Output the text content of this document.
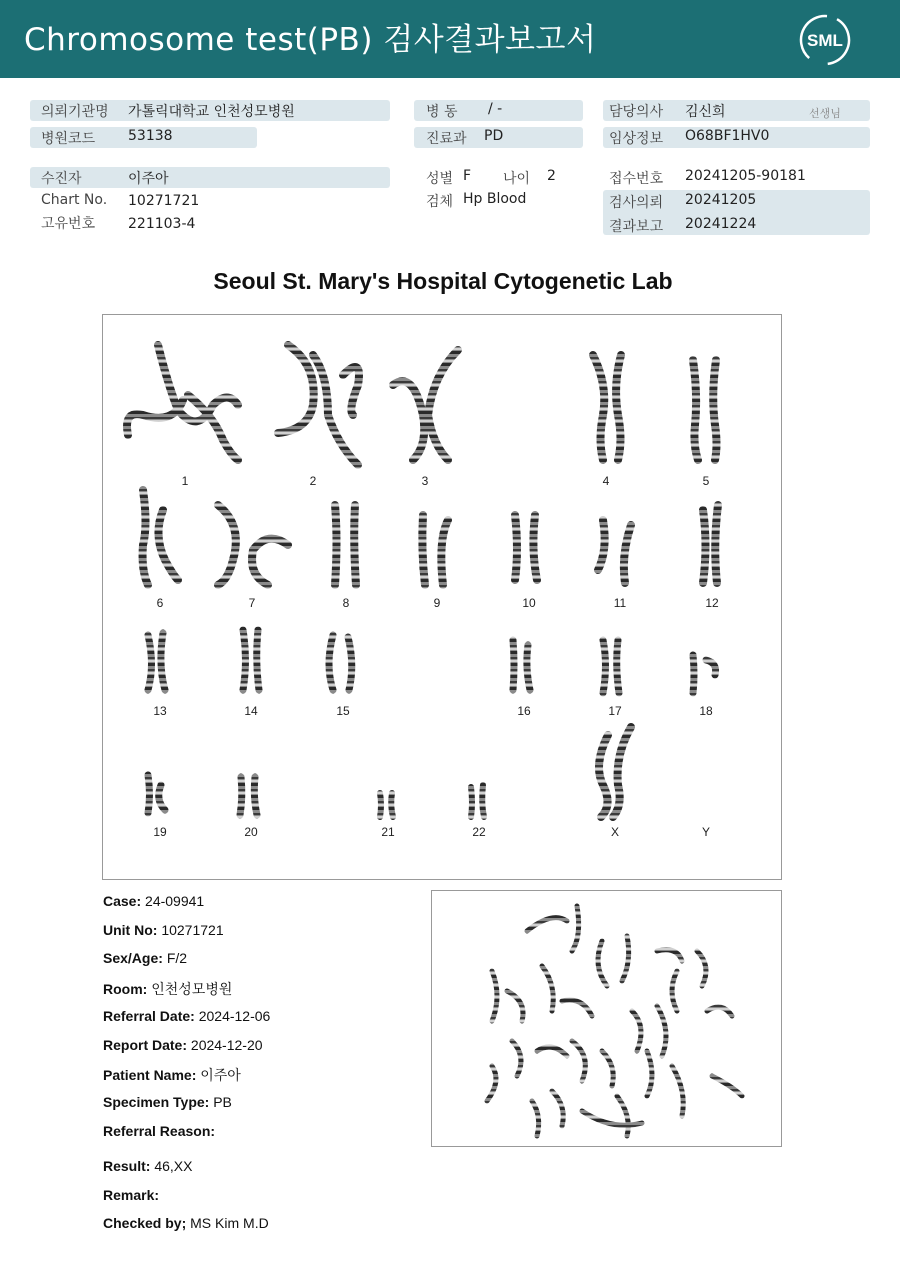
Chromosome test(PB) 검사결과보고서	SML
의뢰기관명 가톨릭대학교 인천성모병원
병원코드 53138
수진자	이주아
Chart No. 10271721
고유번호 221103-4
병 동 / -
진료과 PD
성별 F 나이 2
검체 Hp Blood
담당의사 김신희	선생님
임상정보 O68BF1HV0
접수번호 20241205-90181
검사의뢰 20241205
결과보고 20241224
Seoul St. Mary's Hospital Cytogenetic Lab
1	2	3	4	5
6	7	8	9	10	11	12
13	14	15	16	17	18
19	20	21	22	X	Y
Case: 24-09941
Unit No: 10271721
Sex/Age: F/2
Room: 인천성모병원
Referral Date: 2024-12-06
Report Date: 2024-12-20
Patient Name: 이주아
Specimen Type: PB
Referral Reason:
Result: 46,XX
Remark:
Checked by; MS Kim M.D
